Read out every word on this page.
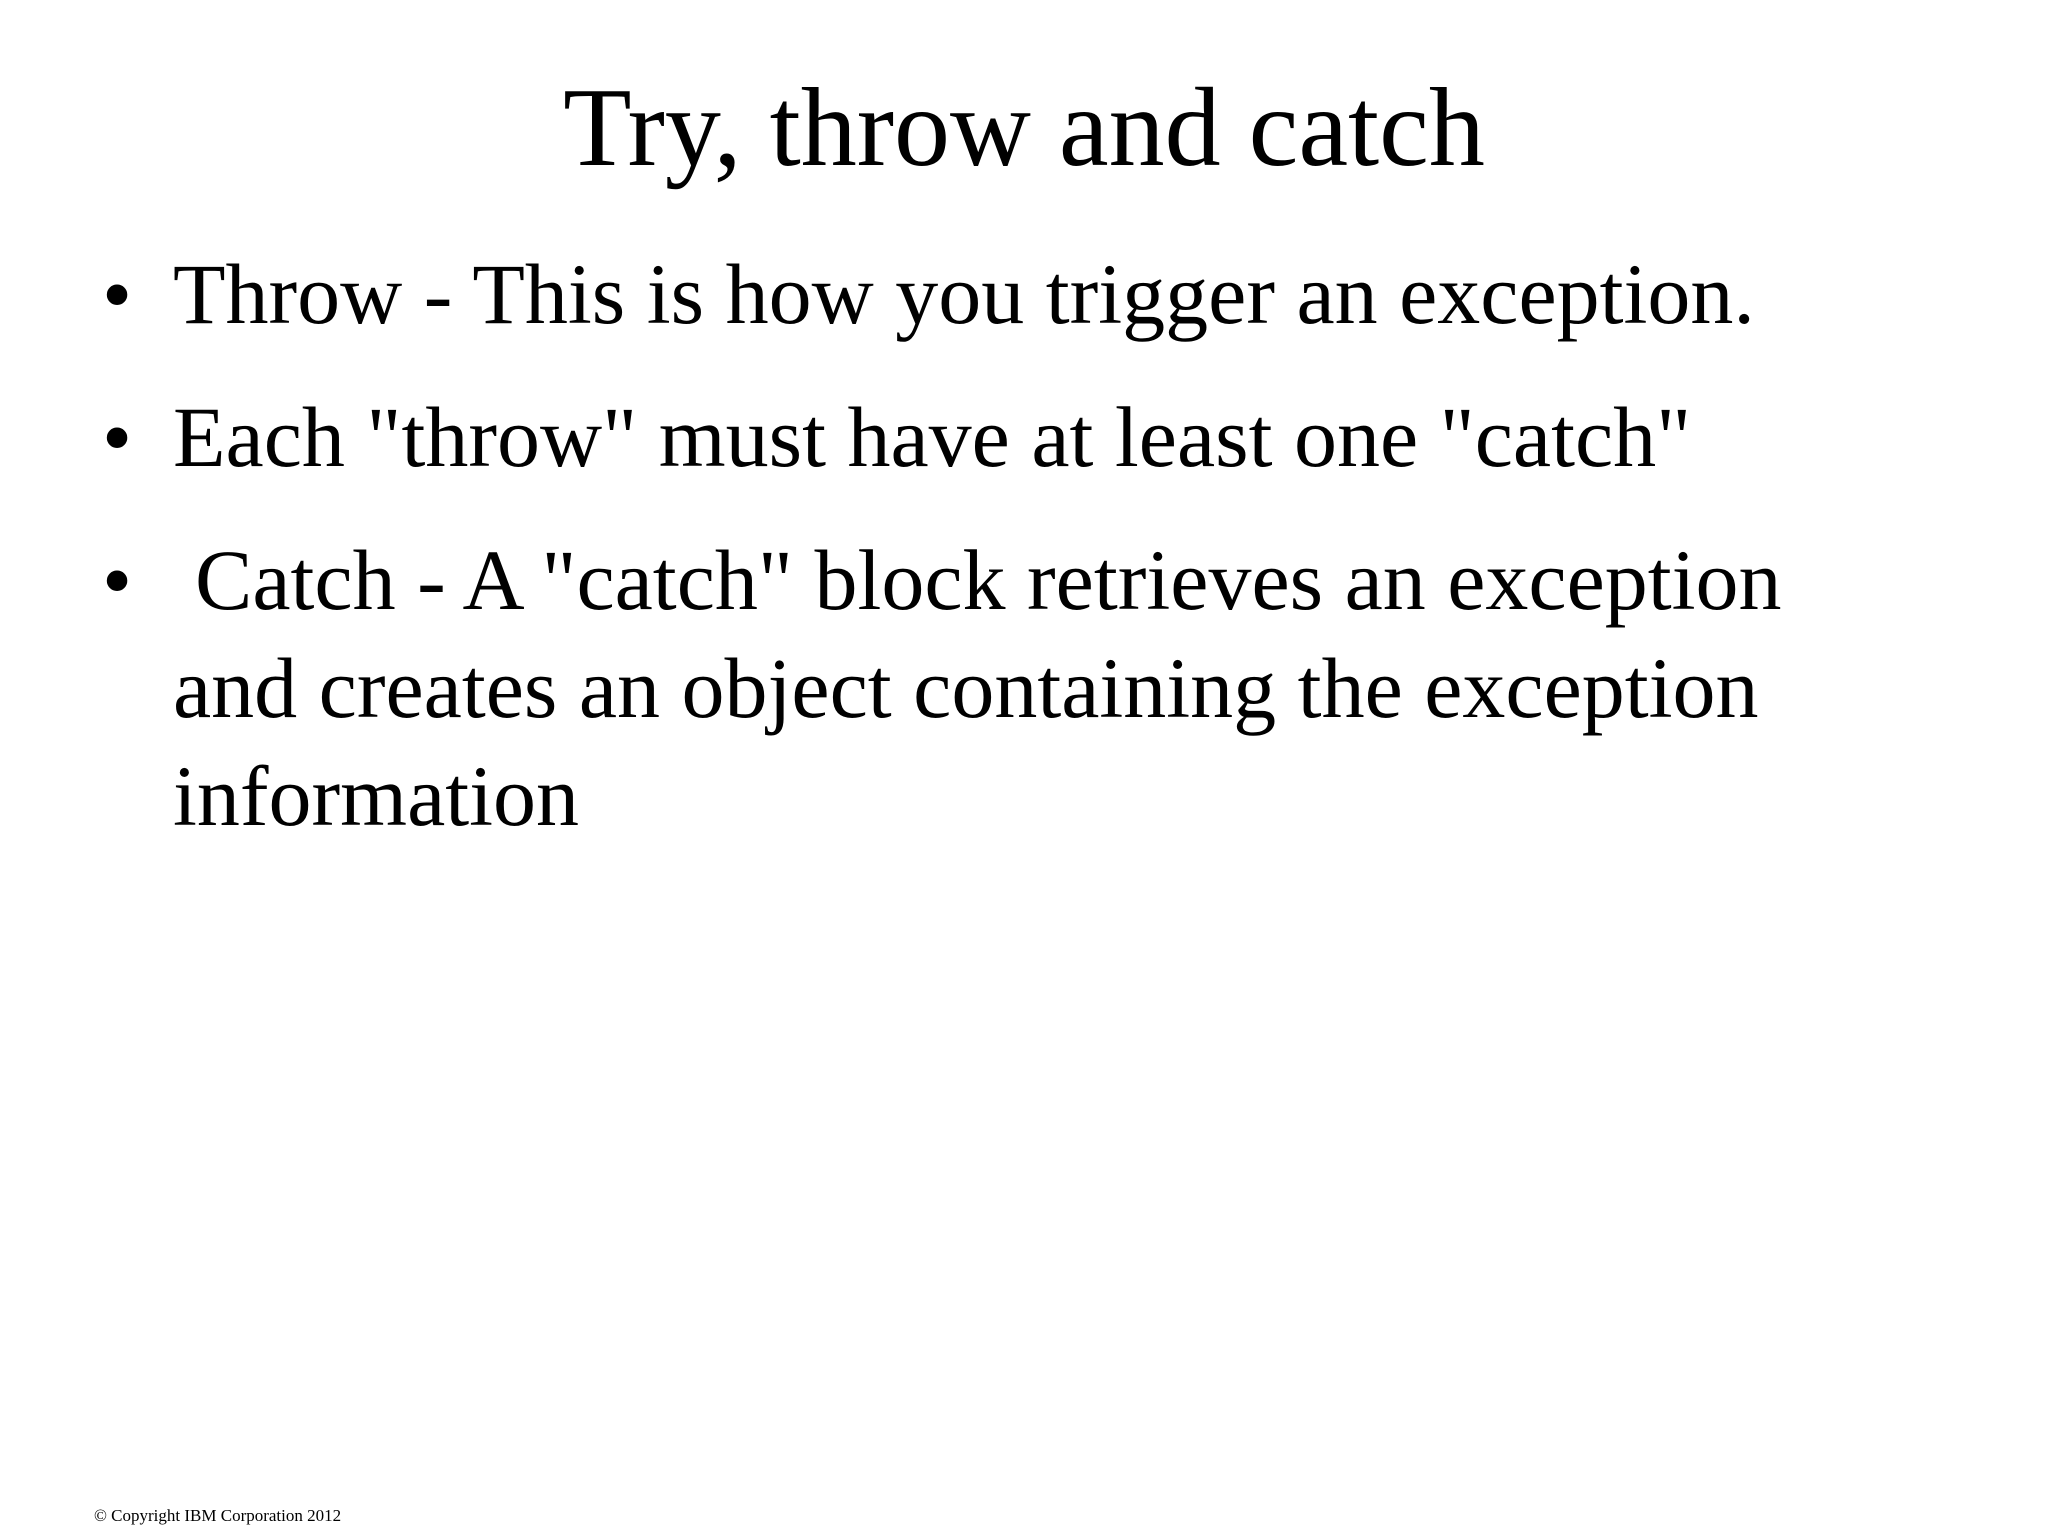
Try, throw and catch
• Throw - This is how you trigger an exception.
• Each "throw" must have at least one "catch"
• Catch - A "catch" block retrieves an exception
and creates an object containing the exception
information
© Copyright IBM Corporation 2012
